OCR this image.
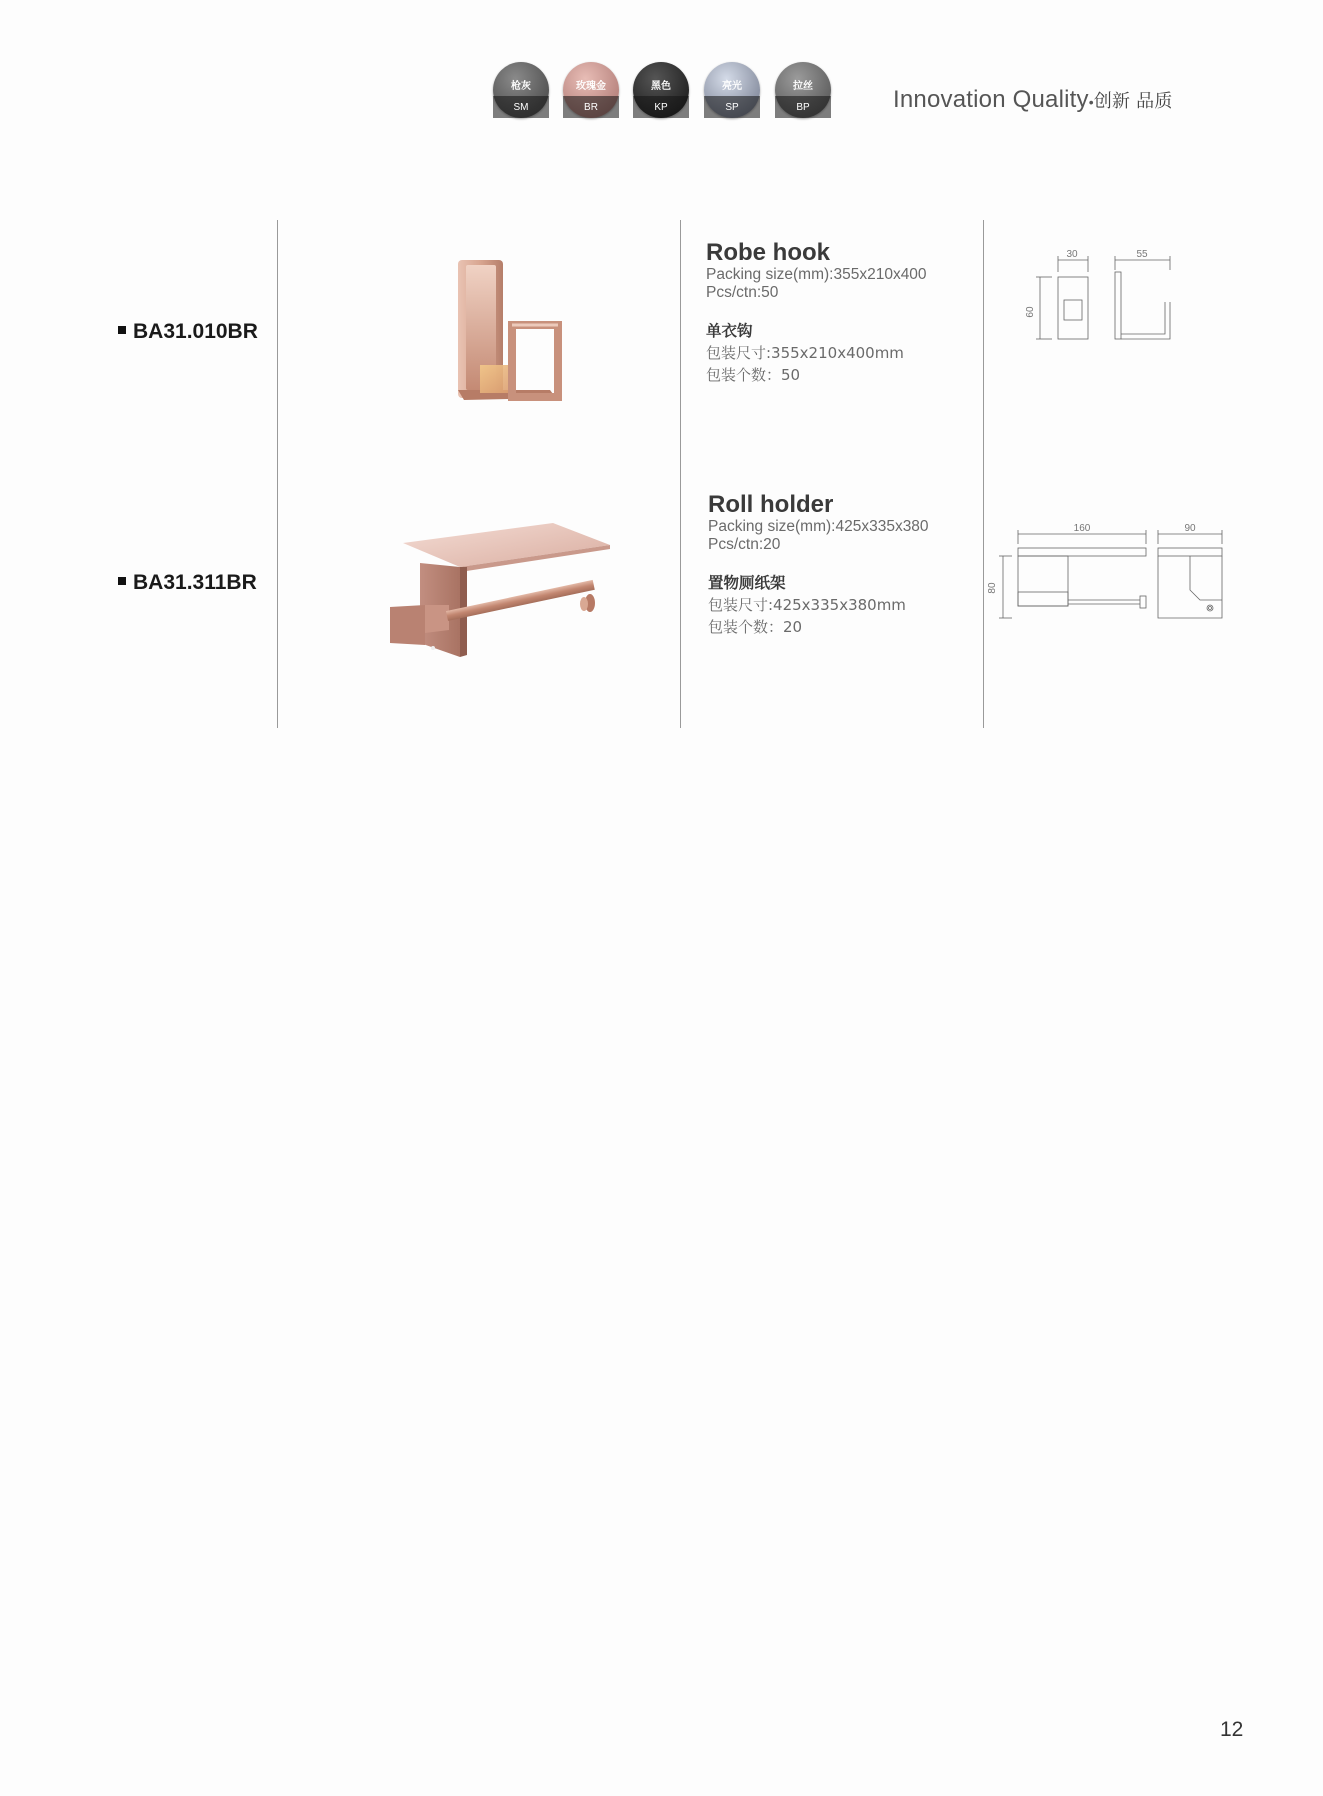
枪灰
SM
玫瑰金
BR
黑色
KP
亮光
SP
拉丝
BP	Innovation Quality•创新 品质
BA31.010BR
Robe hook
Packing size(mm):355x210x400
Pcs/ctn:50
单衣钩
包装尺寸:355x210x400mm
包装个数：50
30	55
60
BA31.311BR
Roll holder
Packing size(mm):425x335x380
Pcs/ctn:20
置物厕纸架
包装尺寸:425x335x380mm
包装个数：20
160	90
80
12
